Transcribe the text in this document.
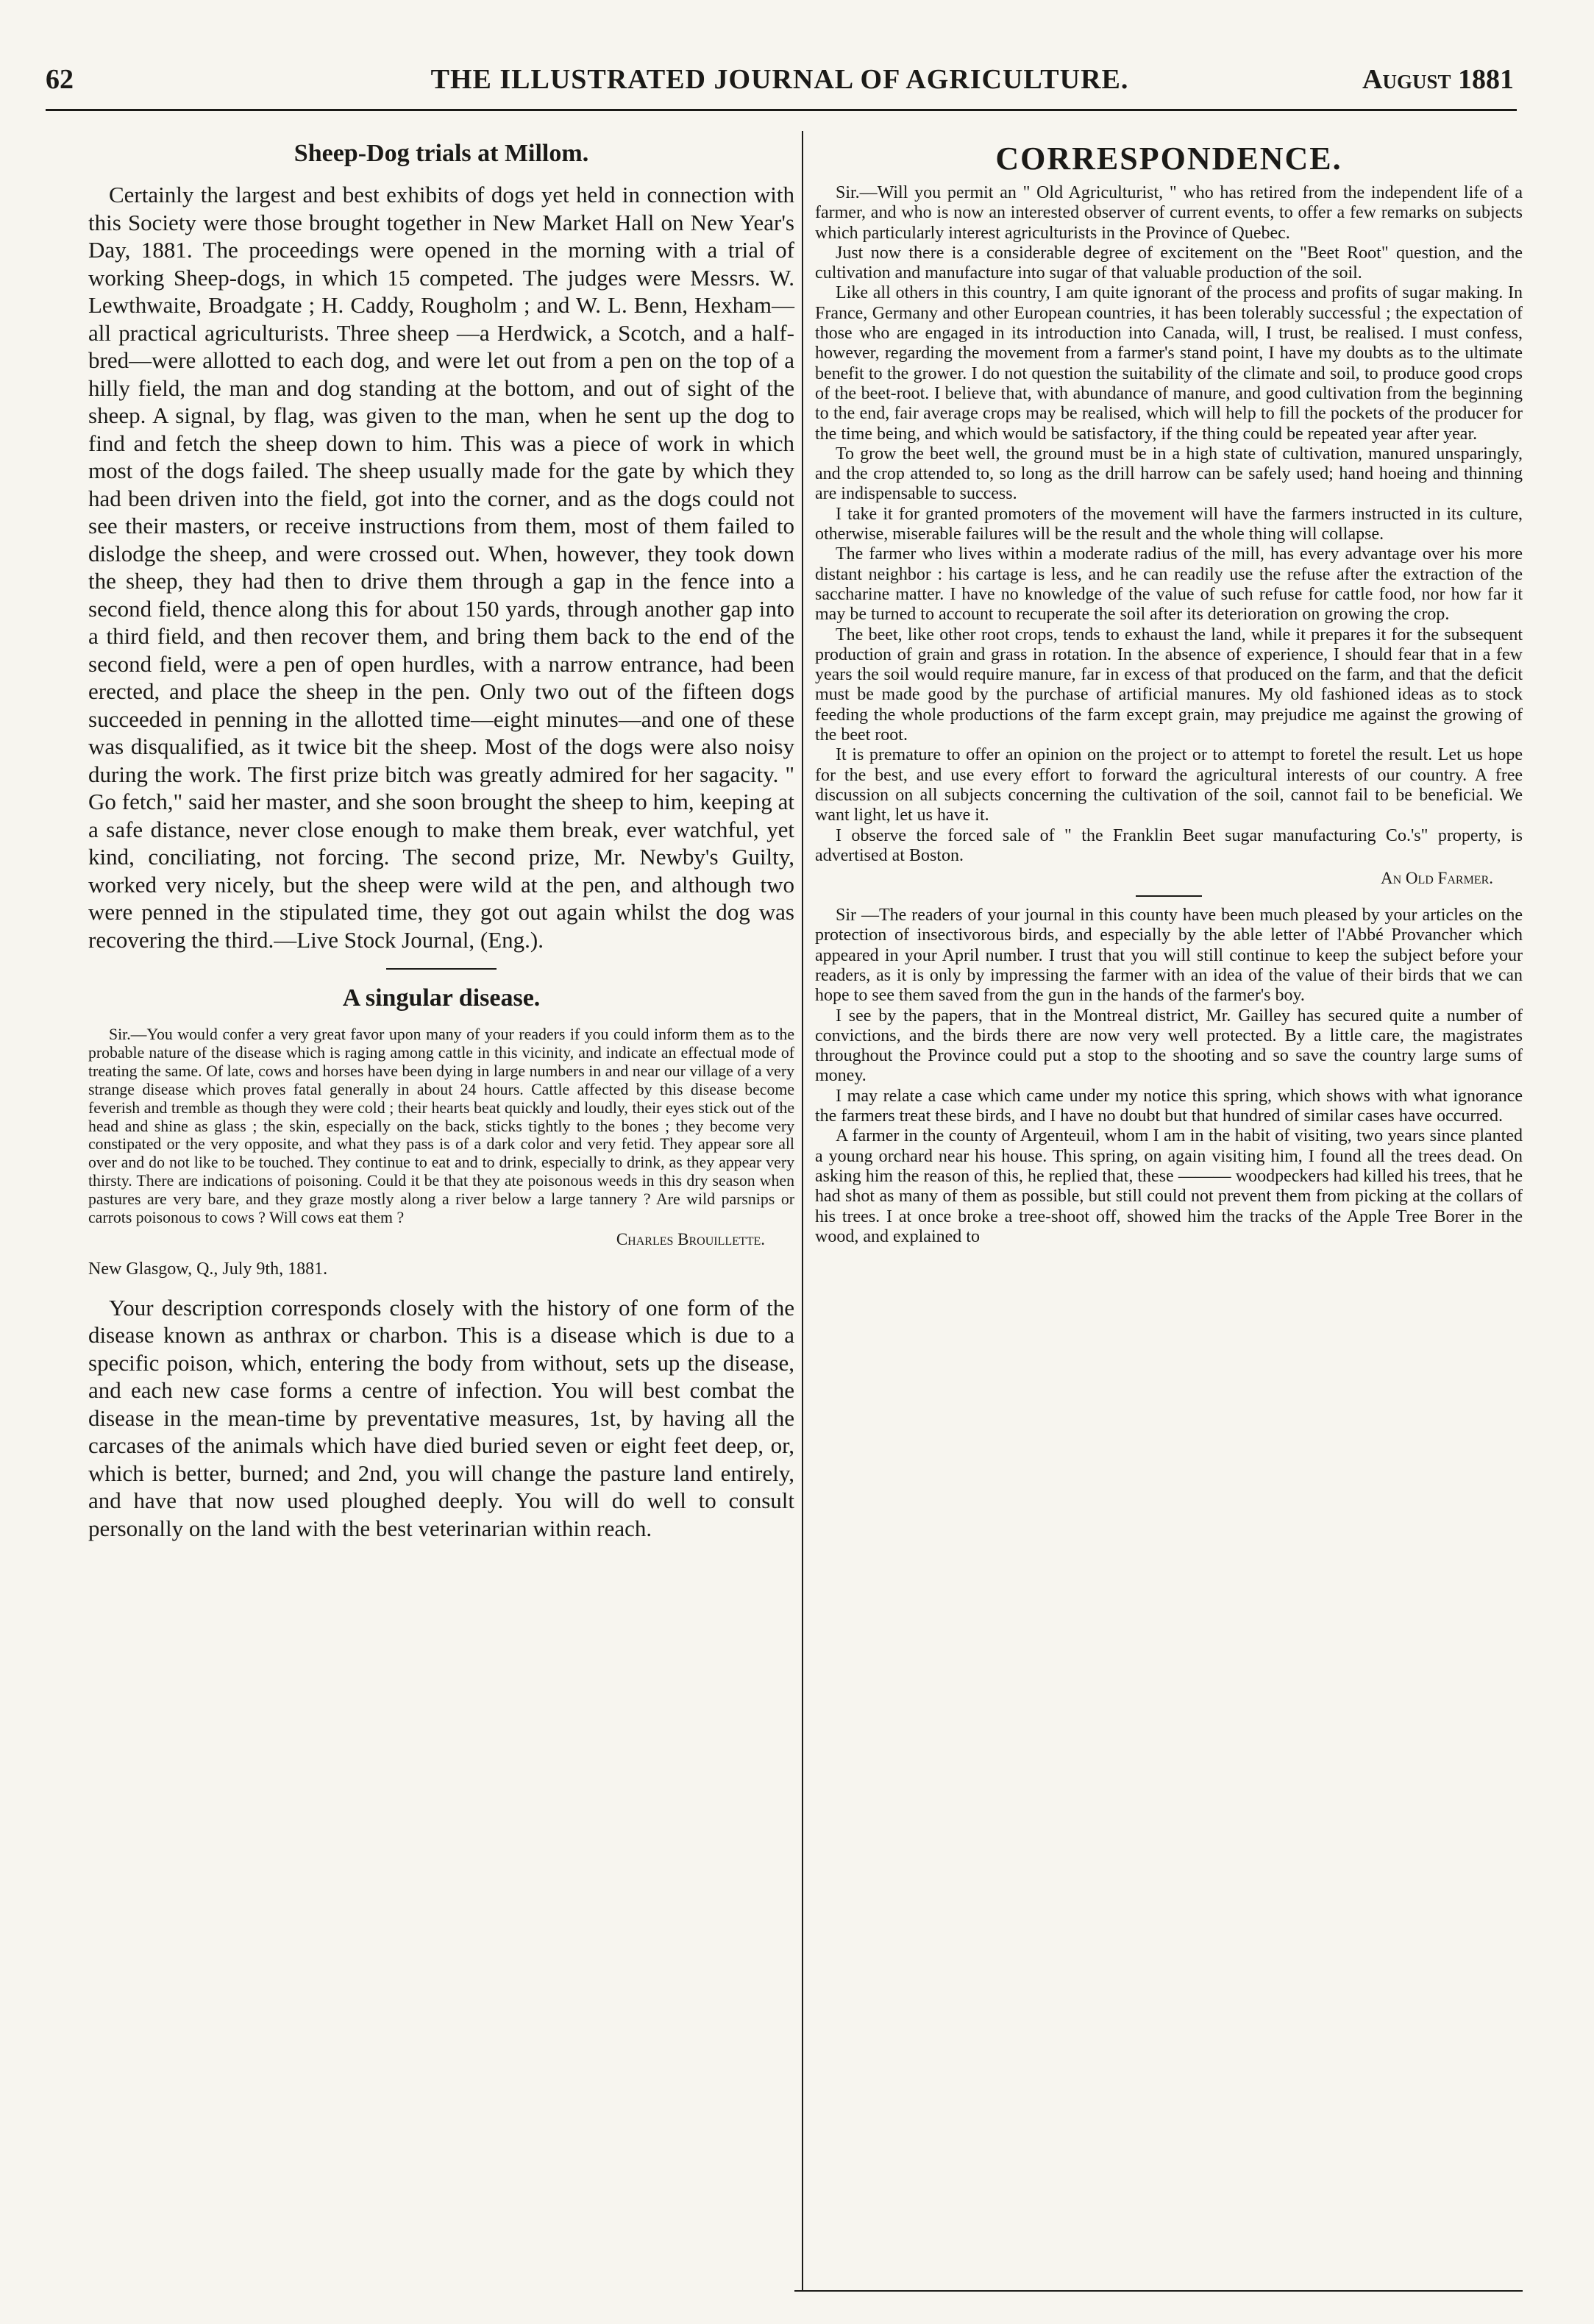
62	THE ILLUSTRATED JOURNAL OF AGRICULTURE.	August 1881
Sheep-Dog trials at Millom.

Certainly the largest and best exhibits of dogs yet held in connection with this Society were those brought together in New Market Hall on New Year's Day, 1881. The proceedings were opened in the morning with a trial of working Sheep-dogs, in which 15 competed. The judges were Messrs. W. Lewthwaite, Broadgate ; H. Caddy, Rougholm ; and W. L. Benn, Hexham—all practical agriculturists. Three sheep —a Herdwick, a Scotch, and a half-bred—were allotted to each dog, and were let out from a pen on the top of a hilly field, the man and dog standing at the bottom, and out of sight of the sheep. A signal, by flag, was given to the man, when he sent up the dog to find and fetch the sheep down to him. This was a piece of work in which most of the dogs failed. The sheep usually made for the gate by which they had been driven into the field, got into the corner, and as the dogs could not see their masters, or receive instructions from them, most of them failed to dislodge the sheep, and were crossed out. When, however, they took down the sheep, they had then to drive them through a gap in the fence into a second field, thence along this for about 150 yards, through another gap into a third field, and then recover them, and bring them back to the end of the second field, were a pen of open hurdles, with a narrow entrance, had been erected, and place the sheep in the pen. Only two out of the fifteen dogs succeeded in penning in the allotted time—eight minutes—and one of these was disqualified, as it twice bit the sheep. Most of the dogs were also noisy during the work. The first prize bitch was greatly admired for her sagacity. " Go fetch," said her master, and she soon brought the sheep to him, keeping at a safe distance, never close enough to make them break, ever watchful, yet kind, conciliating, not forcing. The second prize, Mr. Newby's Guilty, worked very nicely, but the sheep were wild at the pen, and although two were penned in the stipulated time, they got out again whilst the dog was recovering the third.—Live Stock Journal, (Eng.).

A singular disease.

Sir.—You would confer a very great favor upon many of your readers if you could inform them as to the probable nature of the disease which is raging among cattle in this vicinity, and indicate an effectual mode of treating the same. Of late, cows and horses have been dying in large numbers in and near our village of a very strange disease which proves fatal generally in about 24 hours. Cattle affected by this disease become feverish and tremble as though they were cold ; their hearts beat quickly and loudly, their eyes stick out of the head and shine as glass ; the skin, especially on the back, sticks tightly to the bones ; they become very constipated or the very opposite, and what they pass is of a dark color and very fetid. They appear sore all over and do not like to be touched. They continue to eat and to drink, especially to drink, as they appear very thirsty. There are indications of poisoning. Could it be that they ate poisonous weeds in this dry season when pastures are very bare, and they graze mostly along a river below a large tannery ? Are wild parsnips or carrots poisonous to cows ? Will cows eat them ?

Charles Brouillette.

New Glasgow, Q., July 9th, 1881.

Your description corresponds closely with the history of one form of the disease known as anthrax or charbon. This is a disease which is due to a specific poison, which, entering the body from without, sets up the disease, and each new case forms a centre of infection. You will best combat the disease in the mean-time by preventative measures, 1st, by having all the carcases of the animals which have died buried seven or eight feet deep, or, which is better, burned; and 2nd, you will change the pasture land entirely, and have that now used ploughed deeply. You will do well to consult personally on the land with the best veterinarian within reach.

CORRESPONDENCE.

Sir.—Will you permit an " Old Agriculturist, " who has retired from the independent life of a farmer, and who is now an interested observer of current events, to offer a few remarks on subjects which particularly interest agriculturists in the Province of Quebec.

Just now there is a considerable degree of excitement on the "Beet Root" question, and the cultivation and manufacture into sugar of that valuable production of the soil.

Like all others in this country, I am quite ignorant of the process and profits of sugar making. In France, Germany and other European countries, it has been tolerably successful ; the expectation of those who are engaged in its introduction into Canada, will, I trust, be realised. I must confess, however, regarding the movement from a farmer's stand point, I have my doubts as to the ultimate benefit to the grower. I do not question the suitability of the climate and soil, to produce good crops of the beet-root. I believe that, with abundance of manure, and good cultivation from the beginning to the end, fair average crops may be realised, which will help to fill the pockets of the producer for the time being, and which would be satisfactory, if the thing could be repeated year after year.

To grow the beet well, the ground must be in a high state of cultivation, manured unsparingly, and the crop attended to, so long as the drill harrow can be safely used; hand hoeing and thinning are indispensable to success.

I take it for granted promoters of the movement will have the farmers instructed in its culture, otherwise, miserable failures will be the result and the whole thing will collapse.

The farmer who lives within a moderate radius of the mill, has every advantage over his more distant neighbor : his cartage is less, and he can readily use the refuse after the extraction of the saccharine matter. I have no knowledge of the value of such refuse for cattle food, nor how far it may be turned to account to recuperate the soil after its deterioration on growing the crop.

The beet, like other root crops, tends to exhaust the land, while it prepares it for the subsequent production of grain and grass in rotation. In the absence of experience, I should fear that in a few years the soil would require manure, far in excess of that produced on the farm, and that the deficit must be made good by the purchase of artificial manures. My old fashioned ideas as to stock feeding the whole productions of the farm except grain, may prejudice me against the growing of the beet root.

It is premature to offer an opinion on the project or to attempt to foretel the result. Let us hope for the best, and use every effort to forward the agricultural interests of our country. A free discussion on all subjects concerning the cultivation of the soil, cannot fail to be beneficial. We want light, let us have it.

I observe the forced sale of " the Franklin Beet sugar manufacturing Co.'s" property, is advertised at Boston.

An Old Farmer.

Sir —The readers of your journal in this county have been much pleased by your articles on the protection of insectivorous birds, and especially by the able letter of l'Abbé Provancher which appeared in your April number. I trust that you will still continue to keep the subject before your readers, as it is only by impressing the farmer with an idea of the value of their birds that we can hope to see them saved from the gun in the hands of the farmer's boy.

I see by the papers, that in the Montreal district, Mr. Gailley has secured quite a number of convictions, and the birds there are now very well protected. By a little care, the magistrates throughout the Province could put a stop to the shooting and so save the country large sums of money.

I may relate a case which came under my notice this spring, which shows with what ignorance the farmers treat these birds, and I have no doubt but that hundred of similar cases have occurred.

A farmer in the county of Argenteuil, whom I am in the habit of visiting, two years since planted a young orchard near his house. This spring, on again visiting him, I found all the trees dead. On asking him the reason of this, he replied that, these ——— woodpeckers had killed his trees, that he had shot as many of them as possible, but still could not prevent them from picking at the collars of his trees. I at once broke a tree-shoot off, showed him the tracks of the Apple Tree Borer in the wood, and explained to
